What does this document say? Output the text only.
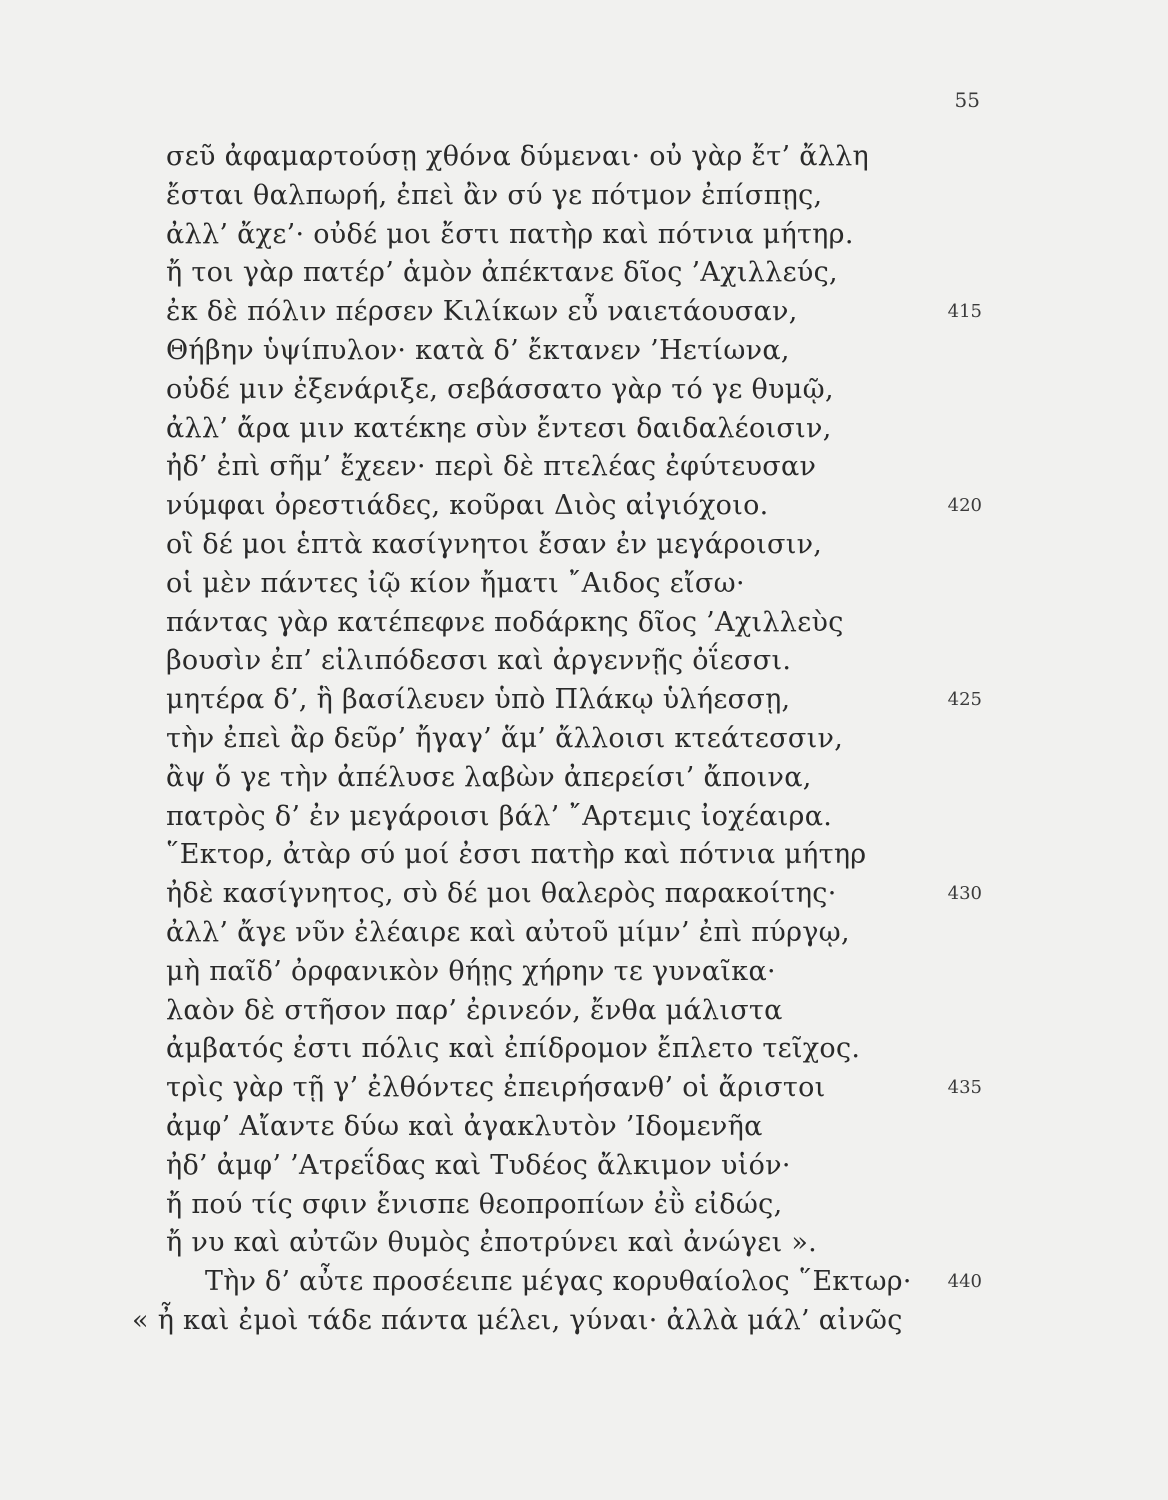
55
σεῦ ἀφαμαρτούσῃ χθόνα δύμεναι· οὐ γὰρ ἔτ’ ἄλλη
ἔσται θαλπωρή, ἐπεὶ ἂν σύ γε πότμον ἐπίσπῃς,
ἀλλ’ ἄχε’· οὐδέ μοι ἔστι πατὴρ καὶ πότνια μήτηρ.
ἤ τοι γὰρ πατέρ’ ἁμὸν ἀπέκτανε δῖος ’Αχιλλεύς,
ἐκ δὲ πόλιν πέρσεν Κιλίκων εὖ ναιετάουσαν,	415
Θήβην ὑψίπυλον· κατὰ δ’ ἔκτανεν ’Ηετίωνα,
οὐδέ μιν ἐξενάριξε, σεβάσσατο γὰρ τό γε θυμῷ,
ἀλλ’ ἄρα μιν κατέκηε σὺν ἔντεσι δαιδαλέοισιν,
ἠδ’ ἐπὶ σῆμ’ ἔχεεν· περὶ δὲ πτελέας ἐφύτευσαν
νύμφαι ὀρεστιάδες, κοῦραι Διὸς αἰγιόχοιο.	420
οἳ δέ μοι ἑπτὰ κασίγνητοι ἔσαν ἐν μεγάροισιν,
οἱ μὲν πάντες ἰῷ κίον ἤματι ῎Αιδος εἴσω·
πάντας γὰρ κατέπεφνε ποδάρκης δῖος ’Αχιλλεὺς
βουσὶν ἐπ’ εἰλιπόδεσσι καὶ ἀργεννῇς ὀΐεσσι.
μητέρα δ’, ἣ βασίλευεν ὑπὸ Πλάκῳ ὑλήεσσῃ,	425
τὴν ἐπεὶ ἂρ δεῦρ’ ἤγαγ’ ἅμ’ ἄλλοισι κτεάτεσσιν,
ἂψ ὅ γε τὴν ἀπέλυσε λαβὼν ἀπερείσι’ ἄποινα,
πατρὸς δ’ ἐν μεγάροισι βάλ’ ῎Αρτεμις ἰοχέαιρα.
῞Εκτορ, ἀτὰρ σύ μοί ἐσσι πατὴρ καὶ πότνια μήτηρ
ἠδὲ κασίγνητος, σὺ δέ μοι θαλερὸς παρακοίτης·	430
ἀλλ’ ἄγε νῦν ἐλέαιρε καὶ αὐτοῦ μίμν’ ἐπὶ πύργῳ,
μὴ παῖδ’ ὀρφανικὸν θήῃς χήρην τε γυναῖκα·
λαὸν δὲ στῆσον παρ’ ἐρινεόν, ἔνθα μάλιστα
ἀμβατός ἐστι πόλις καὶ ἐπίδρομον ἔπλετο τεῖχος.
τρὶς γὰρ τῇ γ’ ἐλθόντες ἐπειρήσανθ’ οἱ ἄριστοι	435
ἀμφ’ Αἴαντε δύω καὶ ἀγακλυτὸν ’Ιδομενῆα
ἠδ’ ἀμφ’ ’Ατρεΐδας καὶ Τυδέος ἄλκιμον υἱόν·
ἤ πού τίς σφιν ἔνισπε θεοπροπίων ἐῢ εἰδώς,
ἤ νυ καὶ αὐτῶν θυμὸς ἐποτρύνει καὶ ἀνώγει ».
Τὴν δ’ αὖτε προσέειπε μέγας κορυθαίολος ῞Εκτωρ·	440
« ἦ καὶ ἐμοὶ τάδε πάντα μέλει, γύναι· ἀλλὰ μάλ’ αἰνῶς
